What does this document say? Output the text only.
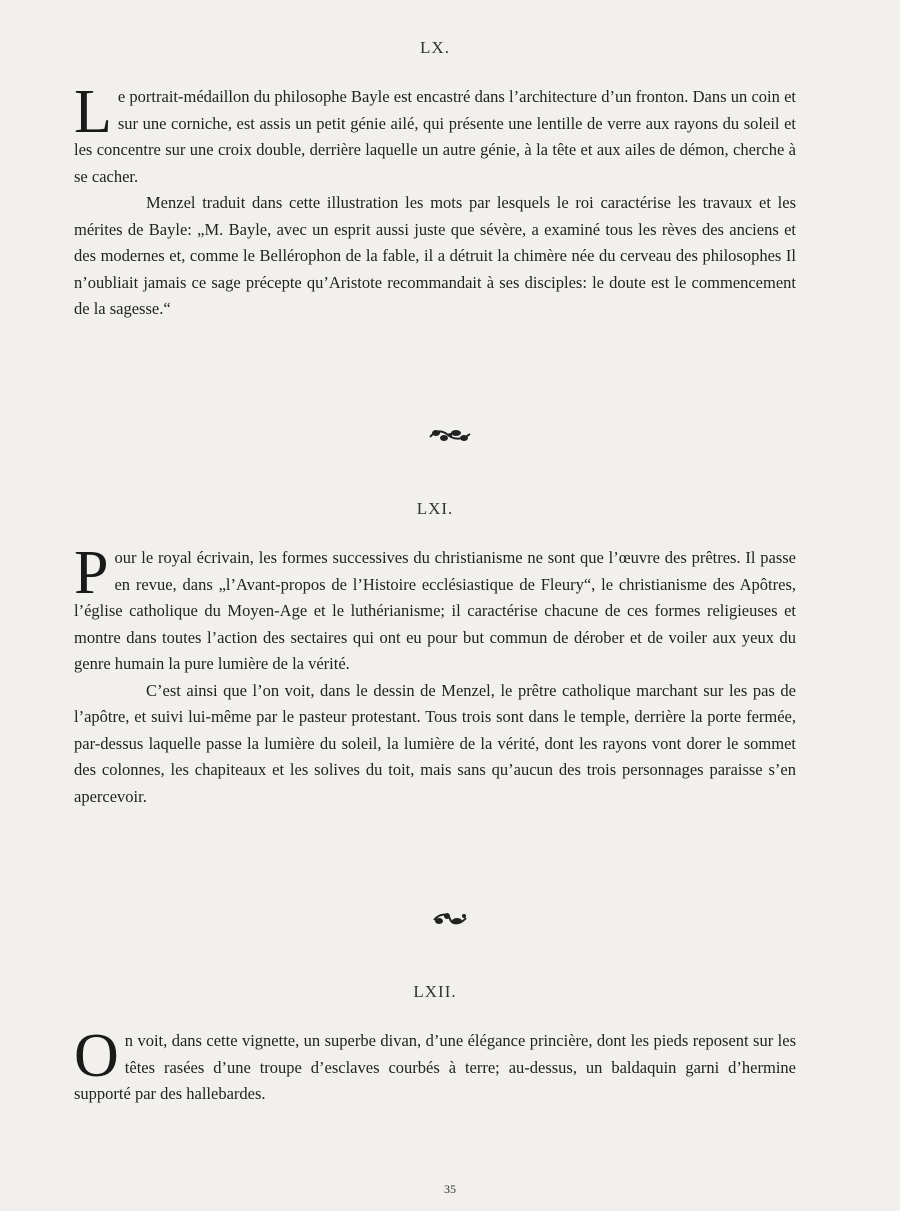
LX.

Le portrait-médaillon du philosophe Bayle est encastré dans l’architecture d’un fronton. Dans un coin et sur une corniche, est assis un petit génie ailé, qui présente une lentille de verre aux rayons du soleil et les concentre sur une croix double, derrière laquelle un autre génie, à la tête et aux ailes de démon, cherche à se cacher.

Menzel traduit dans cette illustration les mots par lesquels le roi caractérise les travaux et les mérites de Bayle: „M. Bayle, avec un esprit aussi juste que sévère, a examiné tous les rèves des anciens et des modernes et, comme le Bellérophon de la fable, il a détruit la chimère née du cerveau des philosophes Il n’oubliait jamais ce sage précepte qu’Aristote recommandait à ses disciples: le doute est le commencement de la sagesse.“

LXI.

Pour le royal écrivain, les formes successives du christianisme ne sont que l’œuvre des prêtres. Il passe en revue, dans „l’Avant-propos de l’Histoire ecclésiastique de Fleury“, le christianisme des Apôtres, l’église catholique du Moyen-Age et le luthérianisme; il caractérise chacune de ces formes religieuses et montre dans toutes l’action des sectaires qui ont eu pour but commun de dérober et de voiler aux yeux du genre humain la pure lumière de la vérité.

C’est ainsi que l’on voit, dans le dessin de Menzel, le prêtre catholique marchant sur les pas de l’apôtre, et suivi lui-même par le pasteur protestant. Tous trois sont dans le temple, derrière la porte fermée, par-dessus laquelle passe la lumière du soleil, la lumière de la vérité, dont les rayons vont dorer le sommet des colonnes, les chapiteaux et les solives du toit, mais sans qu’aucun des trois personnages paraisse s’en apercevoir.

LXII.

On voit, dans cette vignette, un superbe divan, d’une élégance princière, dont les pieds reposent sur les têtes rasées d’une troupe d’esclaves courbés à terre; au-dessus, un baldaquin garni d’hermine supporté par des hallebardes.

35
